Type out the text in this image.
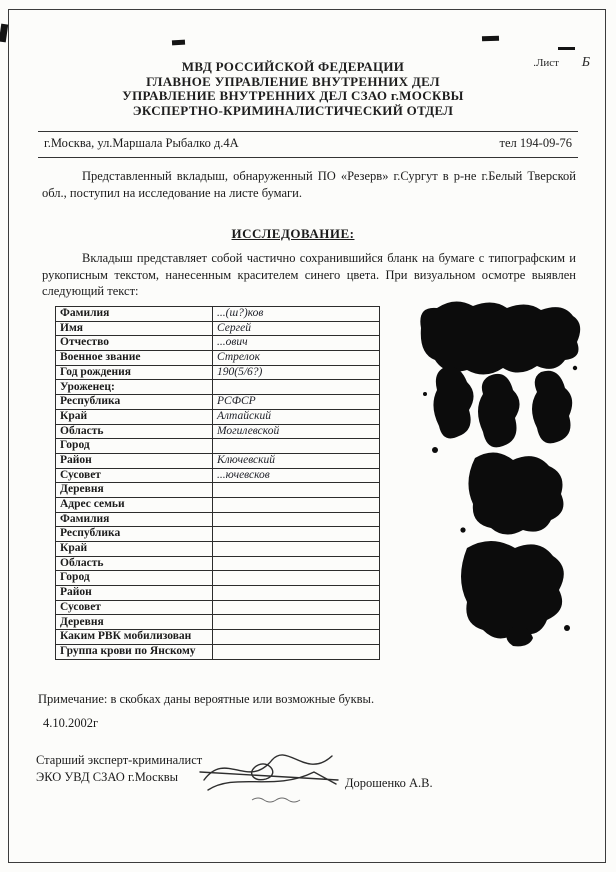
.Лист Б
МВД РОССИЙСКОЙ ФЕДЕРАЦИИ
ГЛАВНОЕ УПРАВЛЕНИЕ ВНУТРЕННИХ ДЕЛ
УПРАВЛЕНИЕ ВНУТРЕННИХ ДЕЛ СЗАО г.МОСКВЫ
ЭКСПЕРТНО-КРИМИНАЛИСТИЧЕСКИЙ ОТДЕЛ
г.Москва, ул.Маршала Рыбалко д.4А	тел 194-09-76

Представленный вкладыш, обнаруженный ПО «Резерв» г.Сургут в р-не г.Белый Тверской обл., поступил на исследование на листе бумаги.

ИССЛЕДОВАНИЕ:

Вкладыш представляет собой частично сохранившийся бланк на бумаге с типографским и рукописным текстом, нанесенным красителем синего цвета. При визуальном осмотре выявлен следующий текст:

Фамилия	...(ш?)ков
Имя	Сергей
Отчество	...ович
Военное звание	Стрелок
Год рождения	190(5/6?)
Уроженец:	
Республика	РСФСР
Край	Алтайский
Область	Могилевской
Город	
Район	Ключевский
Сусовет	...ючевсков
Деревня	
Адрес семьи	
Фамилия	
Республика	
Край	
Область	
Город	
Район	
Сусовет	
Деревня	
Каким РВК мобилизован	
Группа крови по Янскому	
Примечание: в скобках даны вероятные или возможные буквы.
4.10.2002г
Старший эксперт-криминалист
ЭКО УВД СЗАО г.Москвы	Дорошенко А.В.
